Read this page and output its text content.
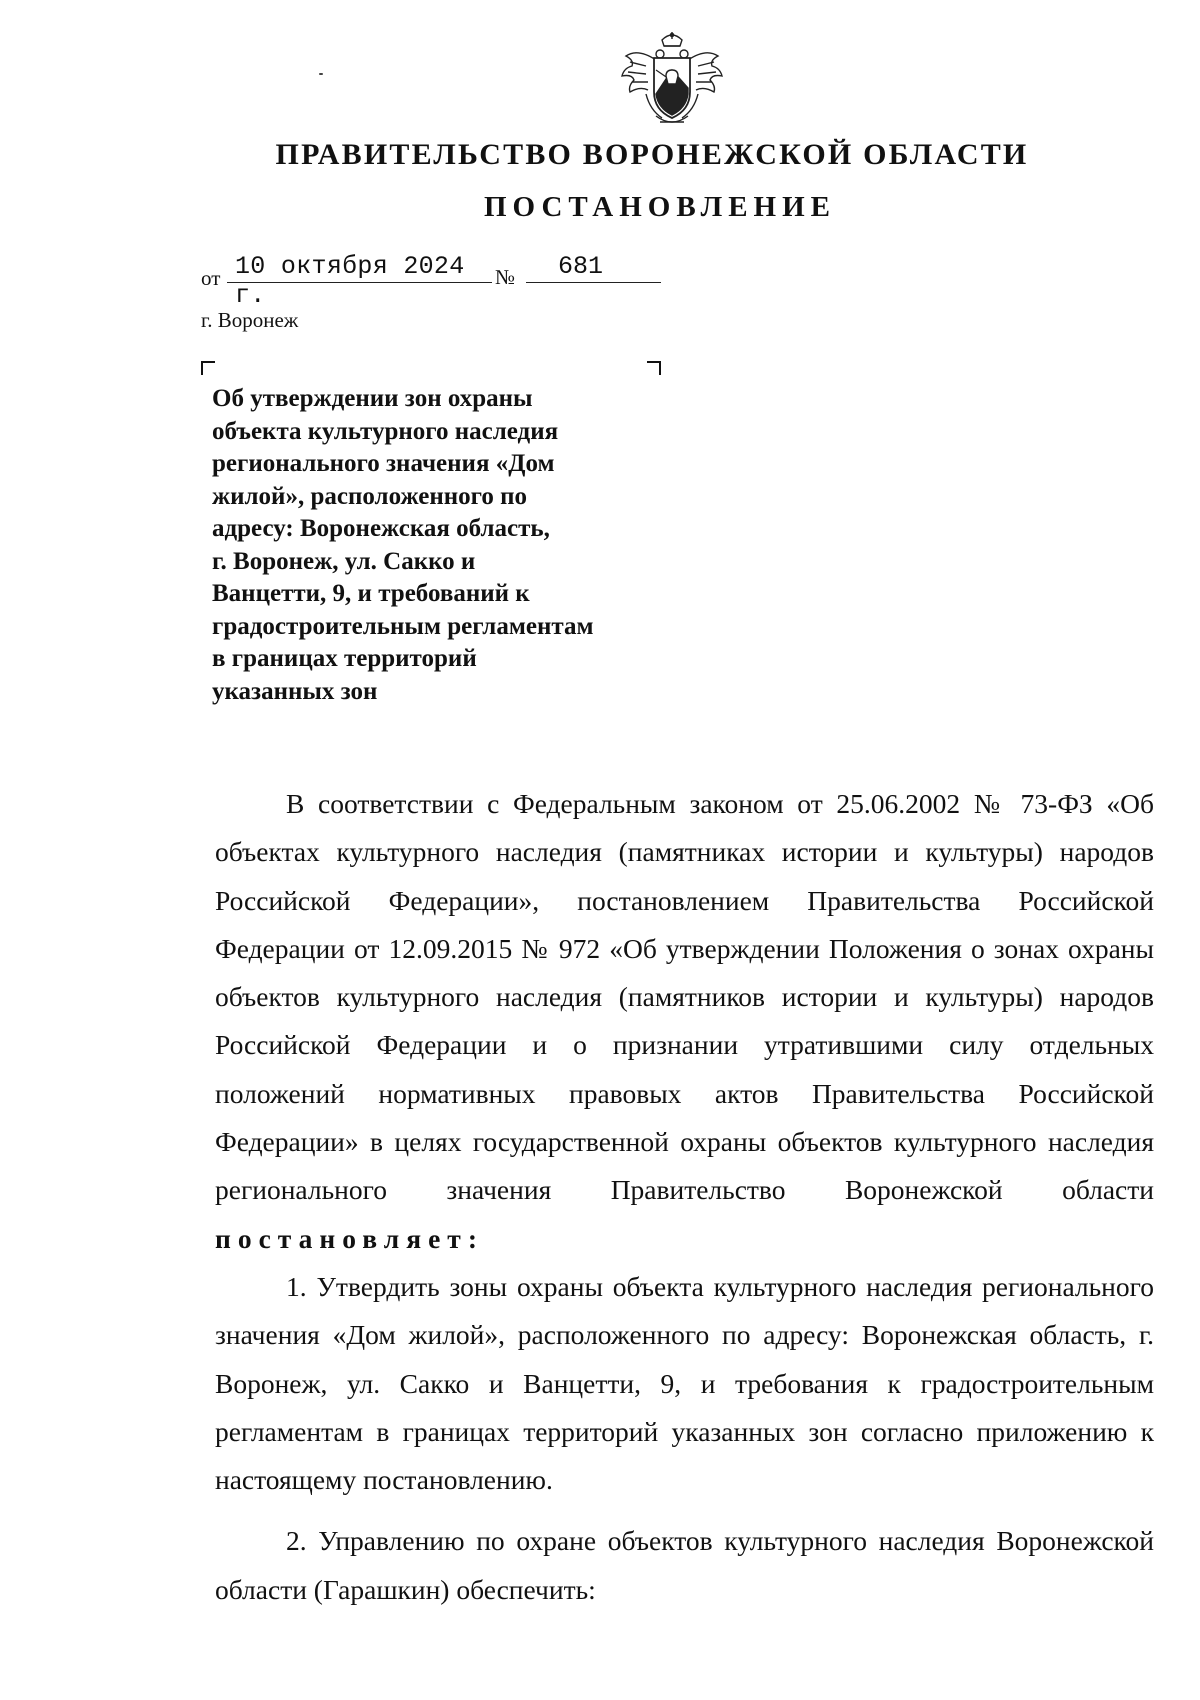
ПРАВИТЕЛЬСТВО ВОРОНЕЖСКОЙ ОБЛАСТИ
ПОСТАНОВЛЕНИЕ
от 10 октября 2024 г.
№ 681
г. Воронеж
Об утверждении зон охраны
объекта культурного наследия
регионального значения «Дом
жилой», расположенного по
адресу: Воронежская область,
г. Воронеж, ул. Сакко и
Ванцетти, 9, и требований к
градостроительным регламентам
в границах территорий
указанных зон

В соответствии с Федеральным законом от 25.06.2002 № 73-ФЗ «Об объектах культурного наследия (памятниках истории и культуры) народов Российской Федерации», постановлением Правительства Российской Федерации от 12.09.2015 № 972 «Об утверждении Положения о зонах охраны объектов культурного наследия (памятников истории и культуры) народов Российской Федерации и о признании утратившими силу отдельных положений нормативных правовых актов Правительства Российской Федерации» в целях государственной охраны объектов культурного наследия регионального значения Правительство Воронежской области постановляет:

1. Утвердить зоны охраны объекта культурного наследия регионального значения «Дом жилой», расположенного по адресу: Воронежская область, г. Воронеж, ул. Сакко и Ванцетти, 9, и требования к градостроительным регламентам в границах территорий указанных зон согласно приложению к настоящему постановлению.

2. Управлению по охране объектов культурного наследия Воронежской области (Гарашкин) обеспечить:
